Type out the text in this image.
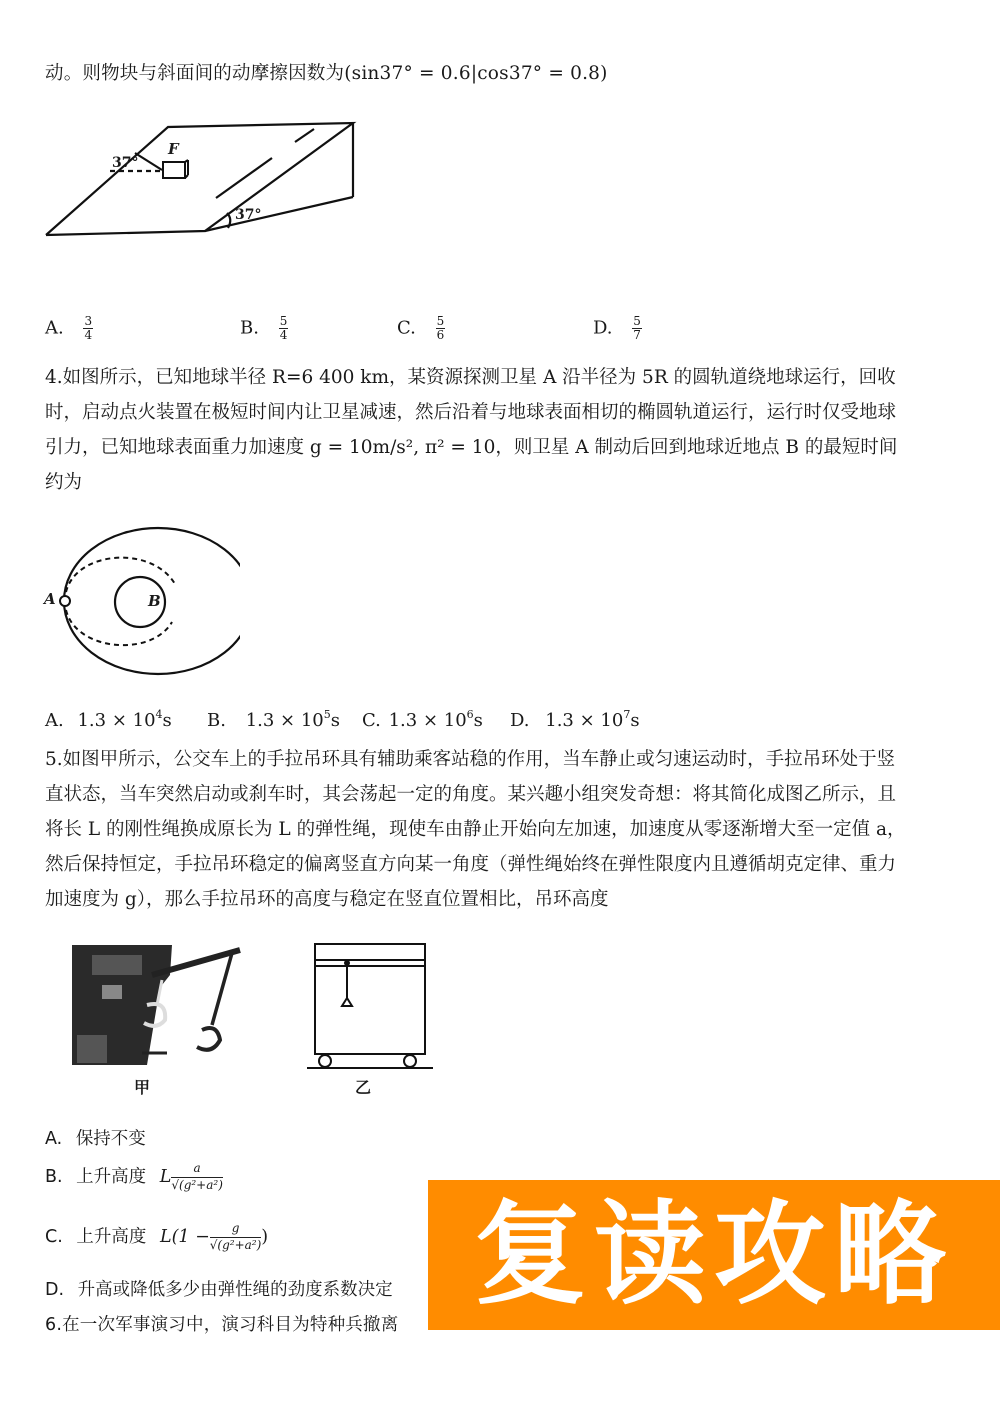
动。则物块与斜面间的动摩擦因数为(sin37° = 0.6|cos37° = 0.8)
F
37°
37°
A. $\frac{3}{4}$	B. $\frac{5}{4}$	C. $\frac{5}{6}$	D. $\frac{5}{7}$
4.如图所示，已知地球半径 R=6 400 km，某资源探测卫星 A 沿半径为 5R 的圆轨道绕地球运行，回收
时，启动点火装置在极短时间内让卫星减速，然后沿着与地球表面相切的椭圆轨道运行，运行时仅受地球
引力，已知地球表面重力加速度 g = 10m/s², π² = 10，则卫星 A 制动后回到地球近地点 B 的最短时间
约为
A	B
A. $1.3 \times 10^4s$ B. $1.3 \times 10^5s$ C. $1.3 \times 10^6s$ D. $1.3 \times 10^7s$
5.如图甲所示，公交车上的手拉吊环具有辅助乘客站稳的作用，当车静止或匀速运动时，手拉吊环处于竖
直状态，当车突然启动或刹车时，其会荡起一定的角度。某兴趣小组突发奇想：将其简化成图乙所示，且
将长 L 的刚性绳换成原长为 L 的弹性绳，现使车由静止开始向左加速，加速度从零逐渐增大至一定值 a，
然后保持恒定，手拉吊环稳定的偏离竖直方向某一角度（弹性绳始终在弹性限度内且遵循胡克定律、重力
加速度为 g），那么手拉吊环的高度与稳定在竖直位置相比，吊环高度
甲	乙
A. 保持不变
B. 上升高度 L $\frac{a}{\text{√(g²+a²)}}$
C. 上升高度 $L(1 - \frac{g}{\text{√(g²+a²)}}$ )
D. 升高或降低多少由弹性绳的劲度系数决定
6.在一次军事演习中，演习科目为特种兵撤离
复读攻略
